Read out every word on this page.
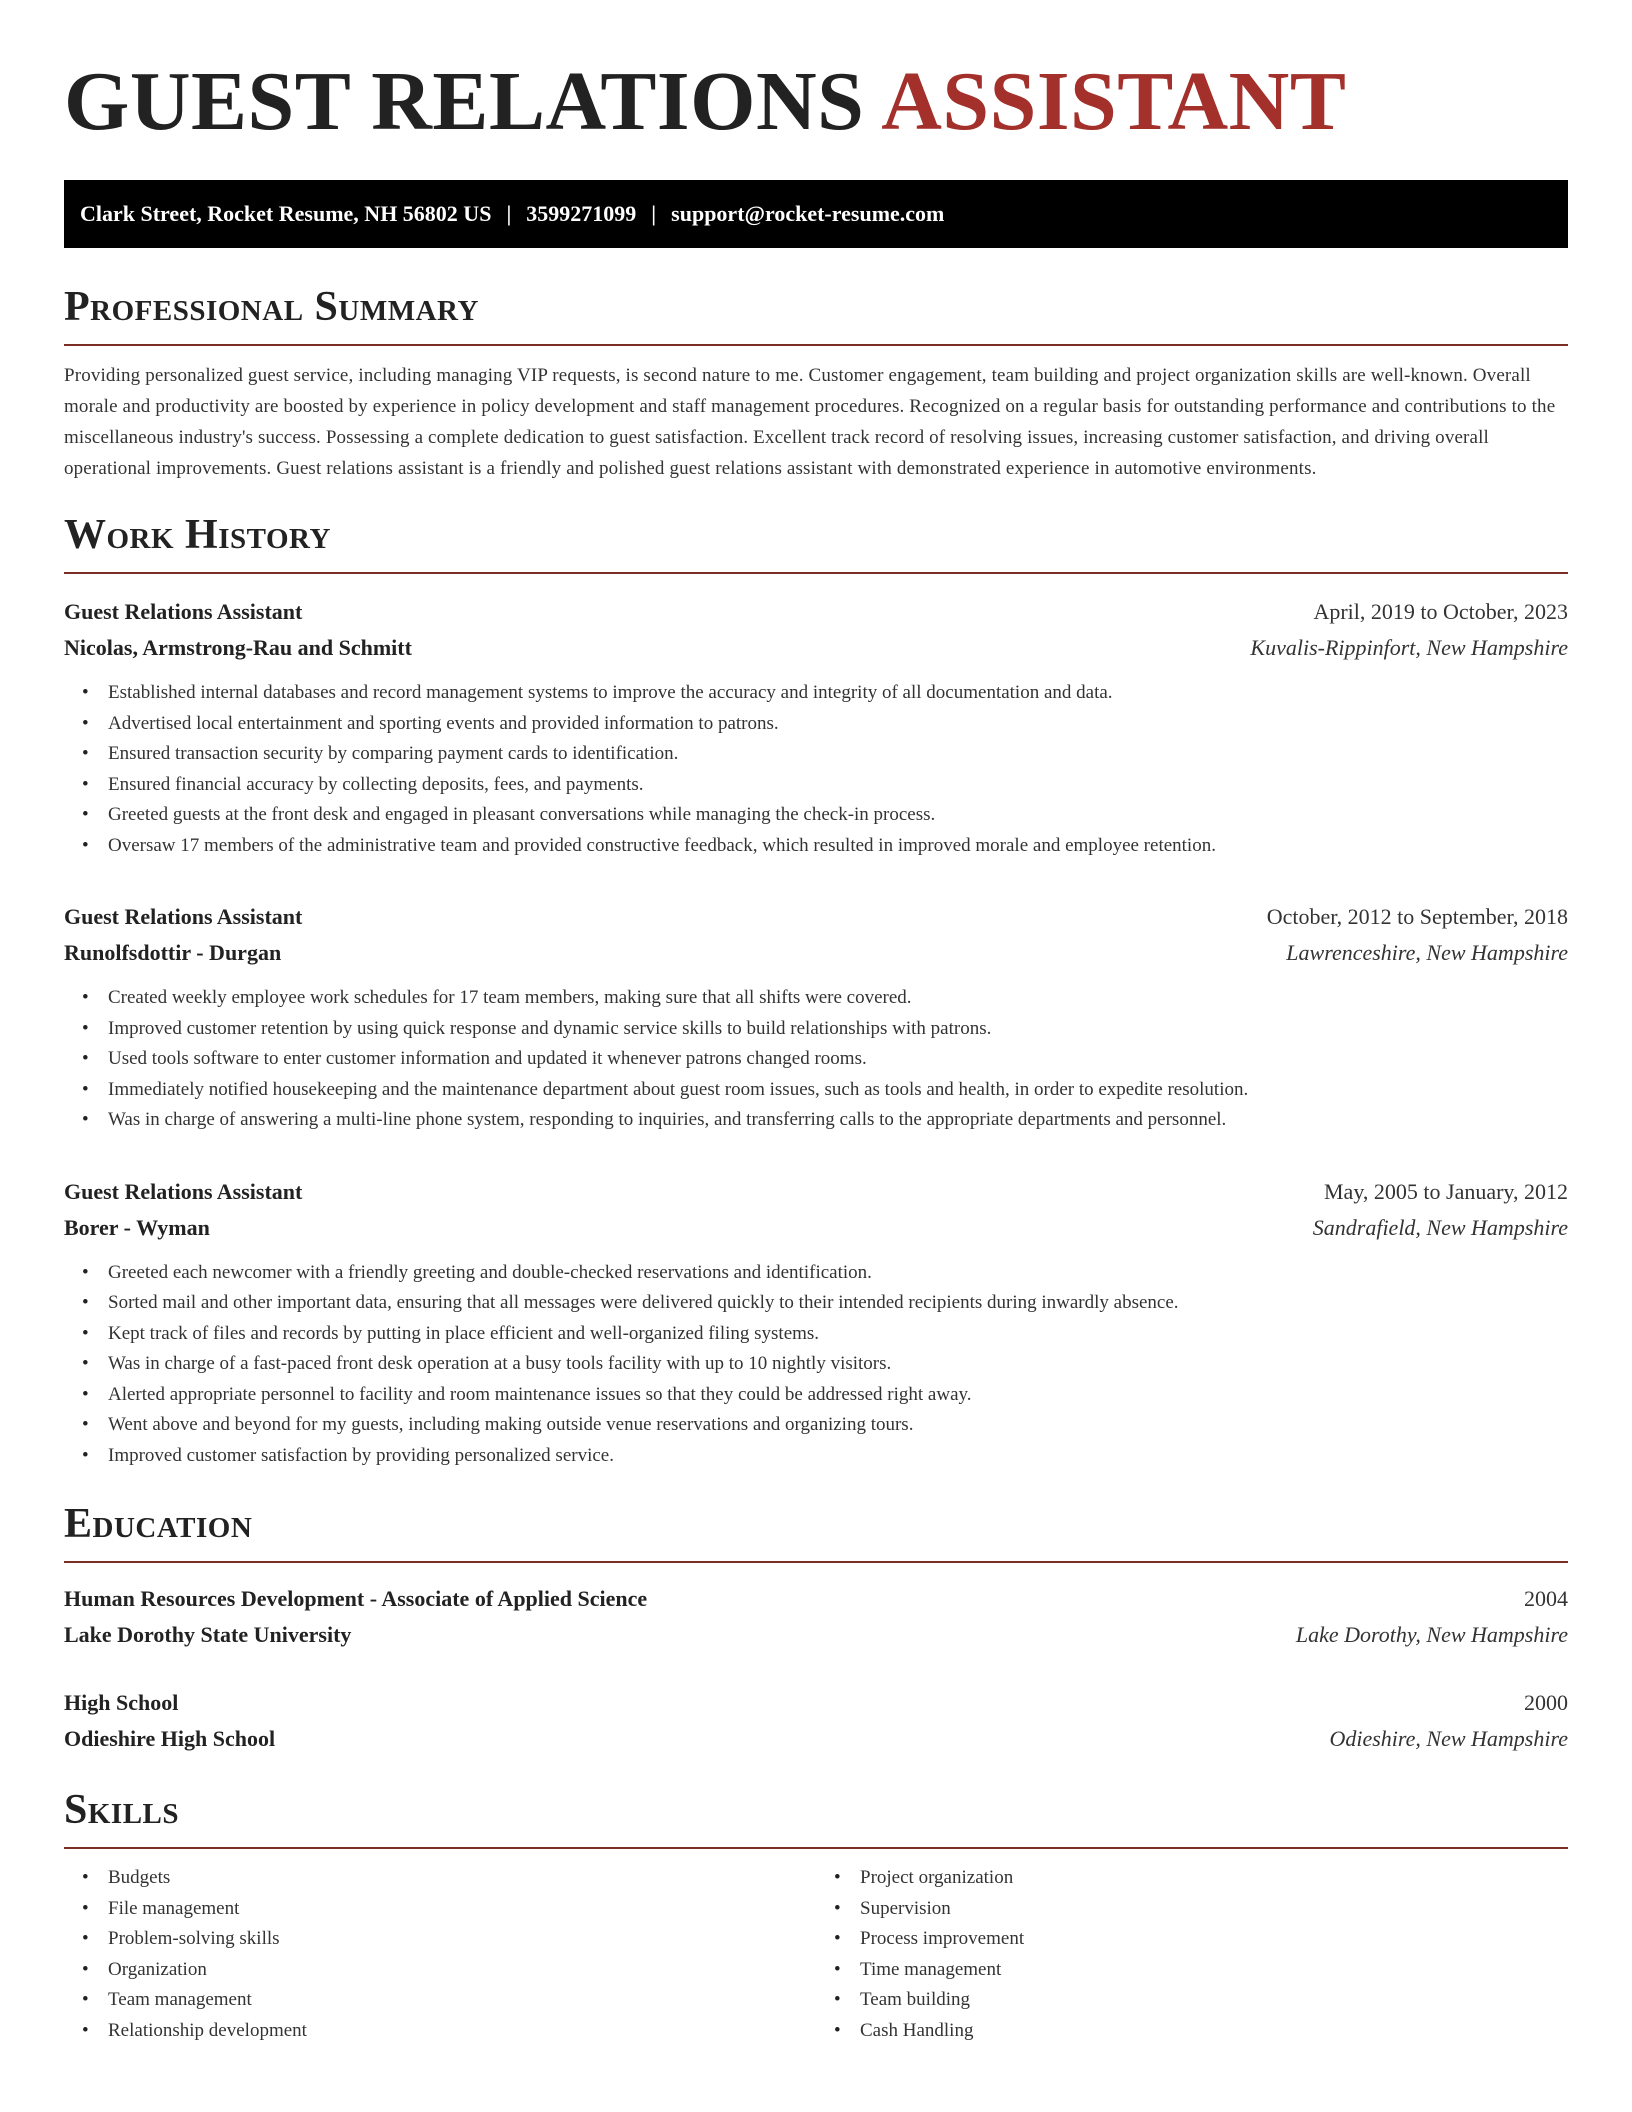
GUEST RELATIONS ASSISTANT
Clark Street, Rocket Resume, NH 56802 US | 3599271099 | support@rocket-resume.com
Professional Summary
Providing personalized guest service, including managing VIP requests, is second nature to me. Customer engagement, team building and project organization skills are well-known. Overall morale and productivity are boosted by experience in policy development and staff management procedures. Recognized on a regular basis for outstanding performance and contributions to the miscellaneous industry's success. Possessing a complete dedication to guest satisfaction. Excellent track record of resolving issues, increasing customer satisfaction, and driving overall operational improvements. Guest relations assistant is a friendly and polished guest relations assistant with demonstrated experience in automotive environments.
Work History
Guest Relations Assistant	April, 2019 to October, 2023
Nicolas, Armstrong-Rau and Schmitt	Kuvalis-Rippinfort, New Hampshire
• Established internal databases and record management systems to improve the accuracy and integrity of all documentation and data.
• Advertised local entertainment and sporting events and provided information to patrons.
• Ensured transaction security by comparing payment cards to identification.
• Ensured financial accuracy by collecting deposits, fees, and payments.
• Greeted guests at the front desk and engaged in pleasant conversations while managing the check-in process.
• Oversaw 17 members of the administrative team and provided constructive feedback, which resulted in improved morale and employee retention.
Guest Relations Assistant	October, 2012 to September, 2018
Runolfsdottir - Durgan	Lawrenceshire, New Hampshire
• Created weekly employee work schedules for 17 team members, making sure that all shifts were covered.
• Improved customer retention by using quick response and dynamic service skills to build relationships with patrons.
• Used tools software to enter customer information and updated it whenever patrons changed rooms.
• Immediately notified housekeeping and the maintenance department about guest room issues, such as tools and health, in order to expedite resolution.
• Was in charge of answering a multi-line phone system, responding to inquiries, and transferring calls to the appropriate departments and personnel.
Guest Relations Assistant	May, 2005 to January, 2012
Borer - Wyman	Sandrafield, New Hampshire
• Greeted each newcomer with a friendly greeting and double-checked reservations and identification.
• Sorted mail and other important data, ensuring that all messages were delivered quickly to their intended recipients during inwardly absence.
• Kept track of files and records by putting in place efficient and well-organized filing systems.
• Was in charge of a fast-paced front desk operation at a busy tools facility with up to 10 nightly visitors.
• Alerted appropriate personnel to facility and room maintenance issues so that they could be addressed right away.
• Went above and beyond for my guests, including making outside venue reservations and organizing tours.
• Improved customer satisfaction by providing personalized service.
Education
Human Resources Development - Associate of Applied Science	2004
Lake Dorothy State University	Lake Dorothy, New Hampshire
High School	2000
Odieshire High School	Odieshire, New Hampshire
Skills
• Budgets
• File management
• Problem-solving skills
• Organization
• Team management
• Relationship development
• Project organization
• Supervision
• Process improvement
• Time management
• Team building
• Cash Handling
